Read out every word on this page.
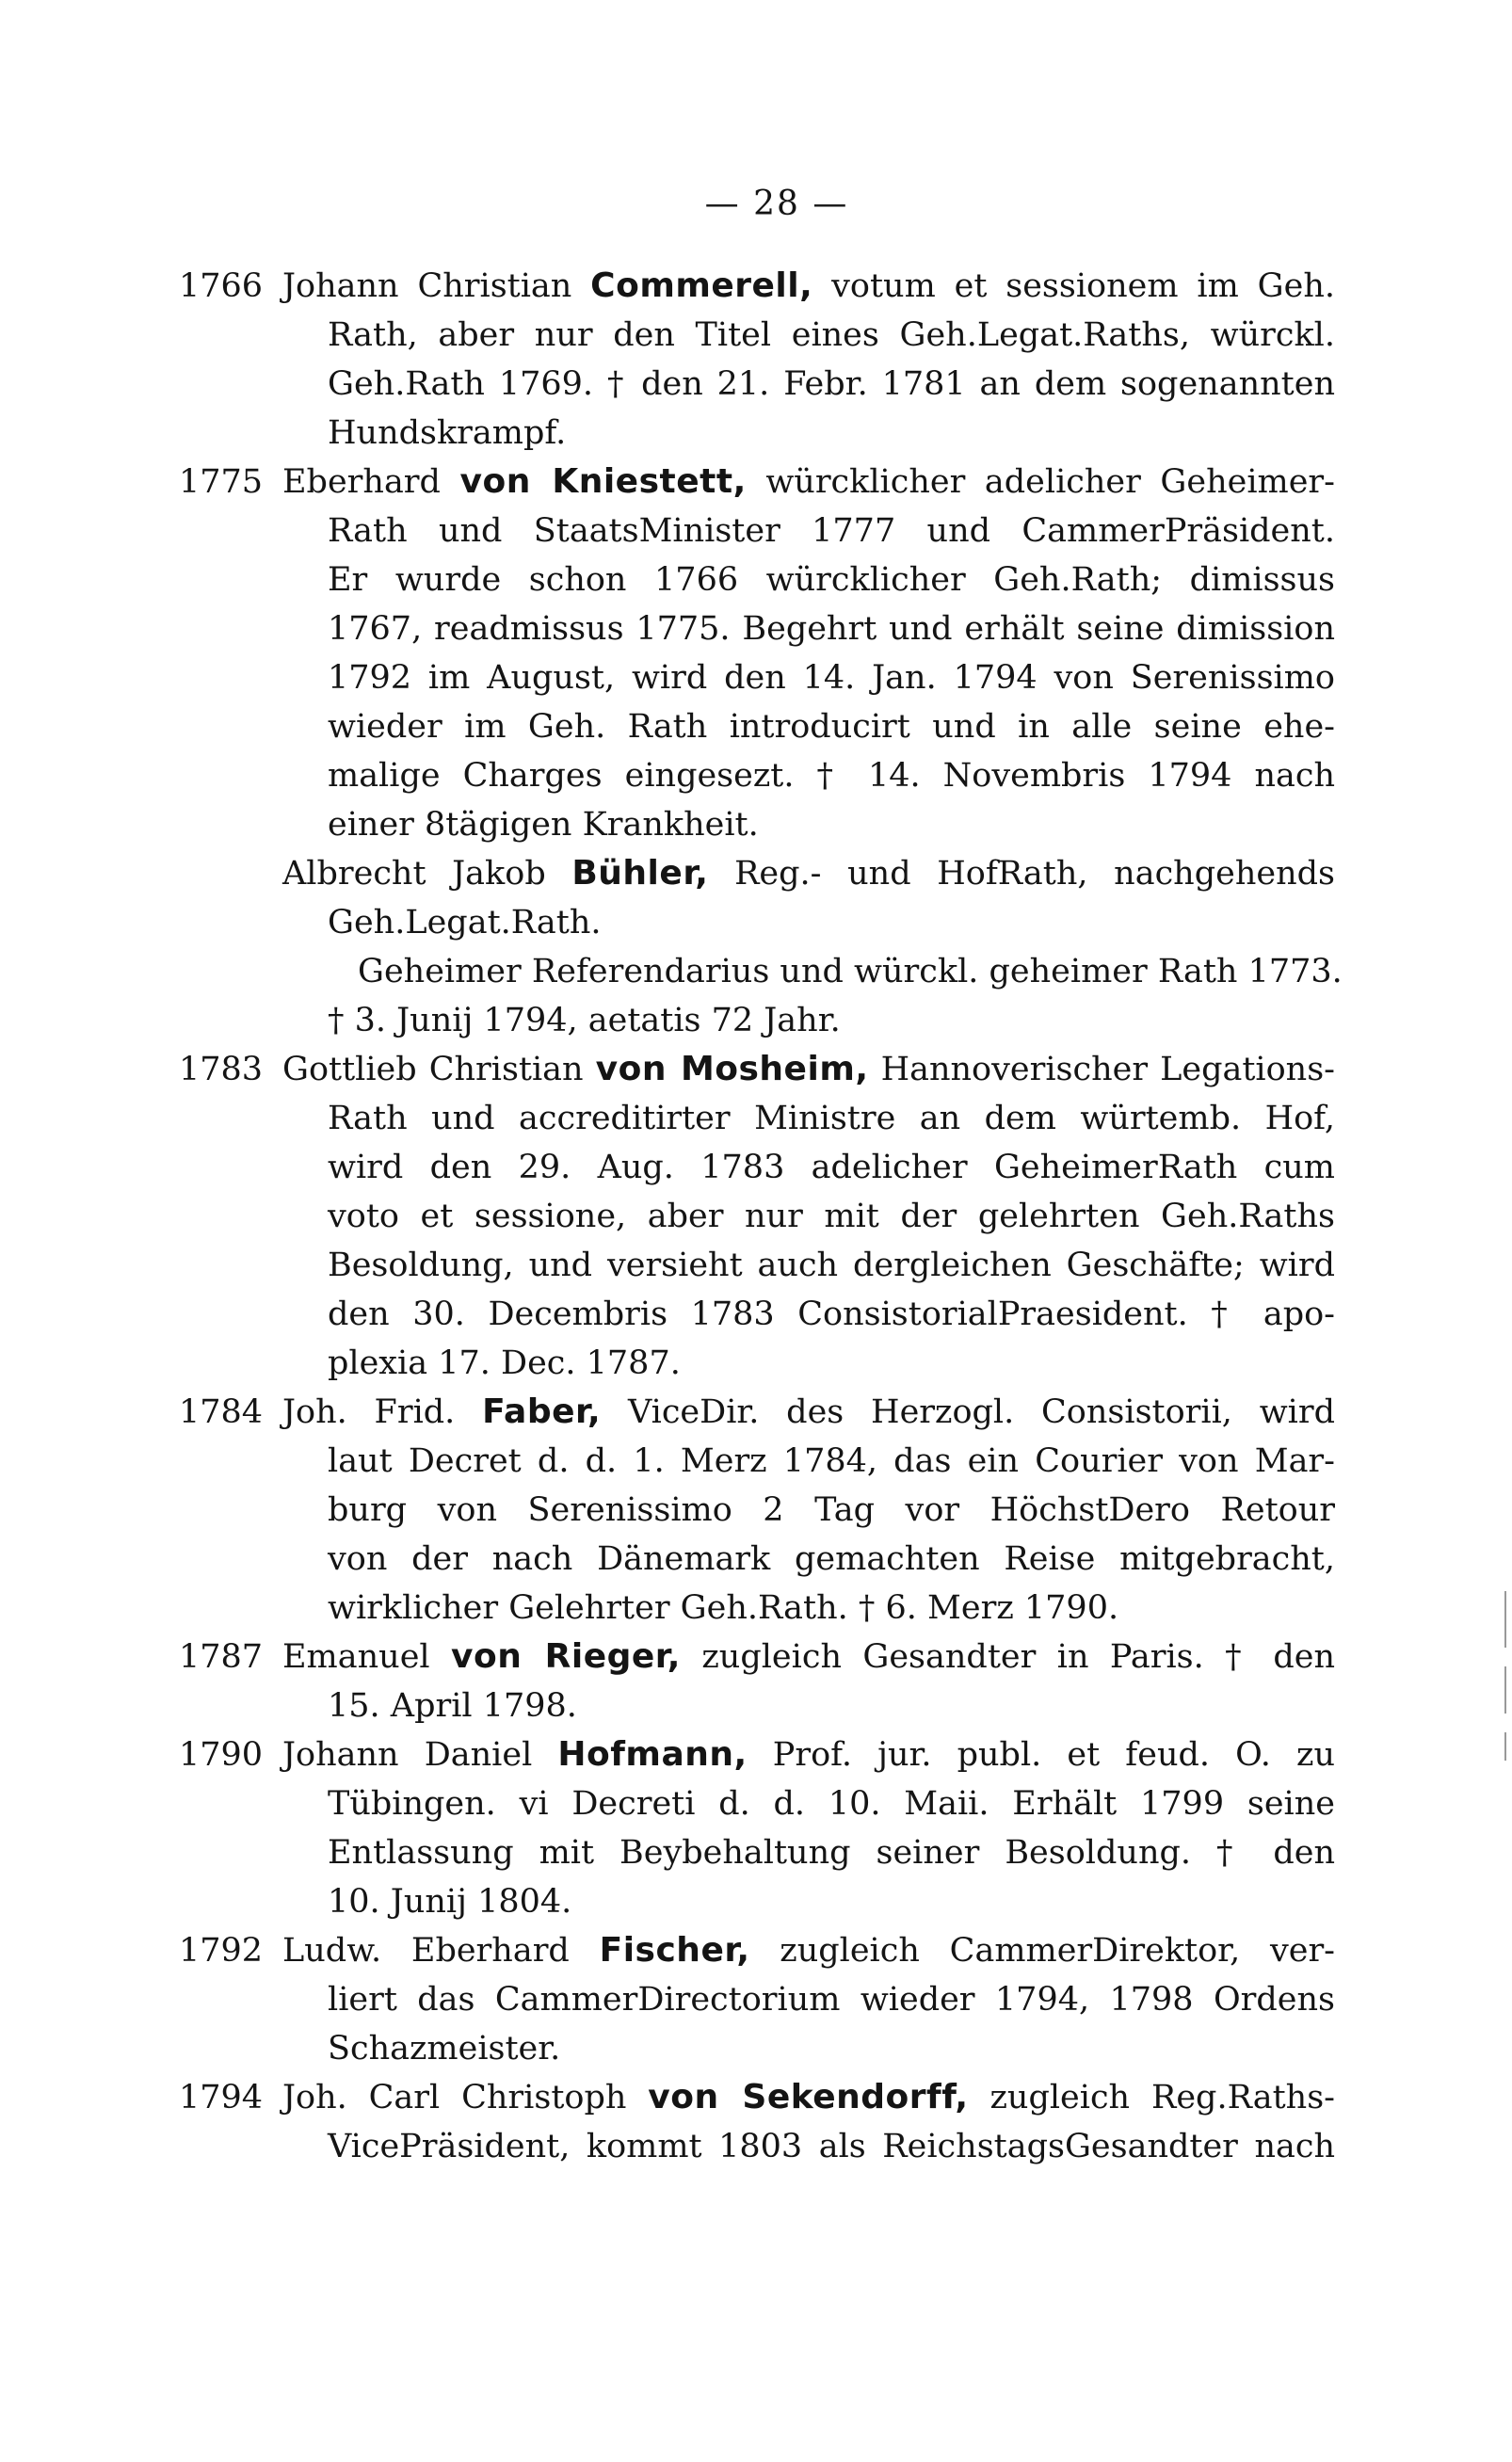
— 28 —
1766 Johann Christian Commerell, votum et sessionem im Geh.
Rath, aber nur den Titel eines Geh.Legat.Raths, würckl.
Geh.Rath 1769. † den 21. Febr. 1781 an dem sogenannten
Hundskrampf.
1775 Eberhard von Kniestett, würcklicher adelicher Geheimer-
Rath und StaatsMinister 1777 und CammerPräsident.
Er wurde schon 1766 würcklicher Geh.Rath; dimissus
1767, readmissus 1775. Begehrt und erhält seine dimission
1792 im August, wird den 14. Jan. 1794 von Serenissimo
wieder im Geh. Rath introducirt und in alle seine ehe-
malige Charges eingesezt. † 14. Novembris 1794 nach
einer 8tägigen Krankheit.
Albrecht Jakob Bühler, Reg.- und HofRath, nachgehends
Geh.Legat.Rath.
Geheimer Referendarius und würckl. geheimer Rath 1773.
† 3. Junij 1794, aetatis 72 Jahr.
1783 Gottlieb Christian von Mosheim, Hannoverischer Legations-
Rath und accreditirter Ministre an dem würtemb. Hof,
wird den 29. Aug. 1783 adelicher GeheimerRath cum
voto et sessione, aber nur mit der gelehrten Geh.Raths
Besoldung, und versieht auch dergleichen Geschäfte; wird
den 30. Decembris 1783 ConsistorialPraesident. † apo-
plexia 17. Dec. 1787.
1784 Joh. Frid. Faber, ViceDir. des Herzogl. Consistorii, wird
laut Decret d. d. 1. Merz 1784, das ein Courier von Mar-
burg von Serenissimo 2 Tag vor HöchstDero Retour
von der nach Dänemark gemachten Reise mitgebracht,
wirklicher Gelehrter Geh.Rath. † 6. Merz 1790.
1787 Emanuel von Rieger, zugleich Gesandter in Paris. † den
15. April 1798.
1790 Johann Daniel Hofmann, Prof. jur. publ. et feud. O. zu
Tübingen. vi Decreti d. d. 10. Maii. Erhält 1799 seine
Entlassung mit Beybehaltung seiner Besoldung. † den
10. Junij 1804.
1792 Ludw. Eberhard Fischer, zugleich CammerDirektor, ver-
liert das CammerDirectorium wieder 1794, 1798 Ordens
Schazmeister.
1794 Joh. Carl Christoph von Sekendorff, zugleich Reg.Raths-
VicePräsident, kommt 1803 als ReichstagsGesandter nach
